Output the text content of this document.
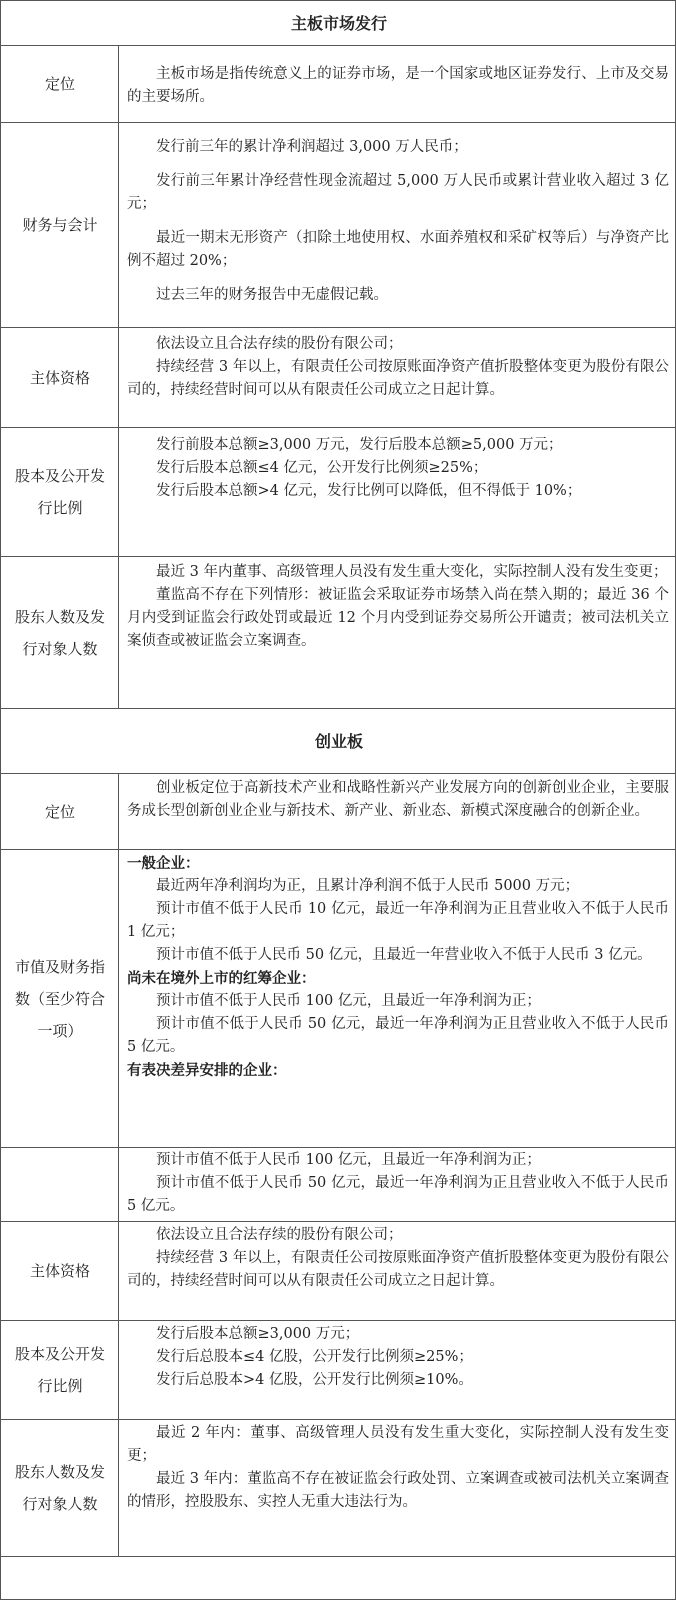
主板市场发行
定位

主板市场是指传统意义上的证券市场，是一个国家或地区证券发行、上市及交易的主要场所。

财务与会计

发行前三年的累计净利润超过 3,000 万人民币；

发行前三年累计净经营性现金流超过 5,000 万人民币或累计营业收入超过 3 亿元；

最近一期末无形资产（扣除土地使用权、水面养殖权和采矿权等后）与净资产比例不超过 20%；

过去三年的财务报告中无虚假记载。

主体资格

依法设立且合法存续的股份有限公司；

持续经营 3 年以上，有限责任公司按原账面净资产值折股整体变更为股份有限公司的，持续经营时间可以从有限责任公司成立之日起计算。

股本及公开发行比例

发行前股本总额≥3,000 万元，发行后股本总额≥5,000 万元；

发行后股本总额≤4 亿元，公开发行比例须≥25%；

发行后股本总额>4 亿元，发行比例可以降低，但不得低于 10%；

股东人数及发行对象人数

最近 3 年内董事、高级管理人员没有发生重大变化，实际控制人没有发生变更；

董监高不存在下列情形：被证监会采取证券市场禁入尚在禁入期的；最近 36 个月内受到证监会行政处罚或最近 12 个月内受到证券交易所公开谴责；被司法机关立案侦查或被证监会立案调查。

创业板
定位

创业板定位于高新技术产业和战略性新兴产业发展方向的创新创业企业，主要服务成长型创新创业企业与新技术、新产业、新业态、新模式深度融合的创新企业。

市值及财务指数（至少符合一项）

一般企业：

最近两年净利润均为正，且累计净利润不低于人民币 5000 万元；

预计市值不低于人民币 10 亿元，最近一年净利润为正且营业收入不低于人民币 1 亿元；

预计市值不低于人民币 50 亿元，且最近一年营业收入不低于人民币 3 亿元。

尚未在境外上市的红筹企业：

预计市值不低于人民币 100 亿元，且最近一年净利润为正；

预计市值不低于人民币 50 亿元，最近一年净利润为正且营业收入不低于人民币 5 亿元。

有表决差异安排的企业：

预计市值不低于人民币 100 亿元，且最近一年净利润为正；

预计市值不低于人民币 50 亿元，最近一年净利润为正且营业收入不低于人民币 5 亿元。

主体资格

依法设立且合法存续的股份有限公司；

持续经营 3 年以上，有限责任公司按原账面净资产值折股整体变更为股份有限公司的，持续经营时间可以从有限责任公司成立之日起计算。

股本及公开发行比例

发行后股本总额≥3,000 万元；

发行后总股本≤4 亿股，公开发行比例须≥25%；

发行后总股本>4 亿股，公开发行比例须≥10%。

股东人数及发行对象人数

最近 2 年内：董事、高级管理人员没有发生重大变化，实际控制人没有发生变更；

最近 3 年内：董监高不存在被证监会行政处罚、立案调查或被司法机关立案调查的情形，控股股东、实控人无重大违法行为。
